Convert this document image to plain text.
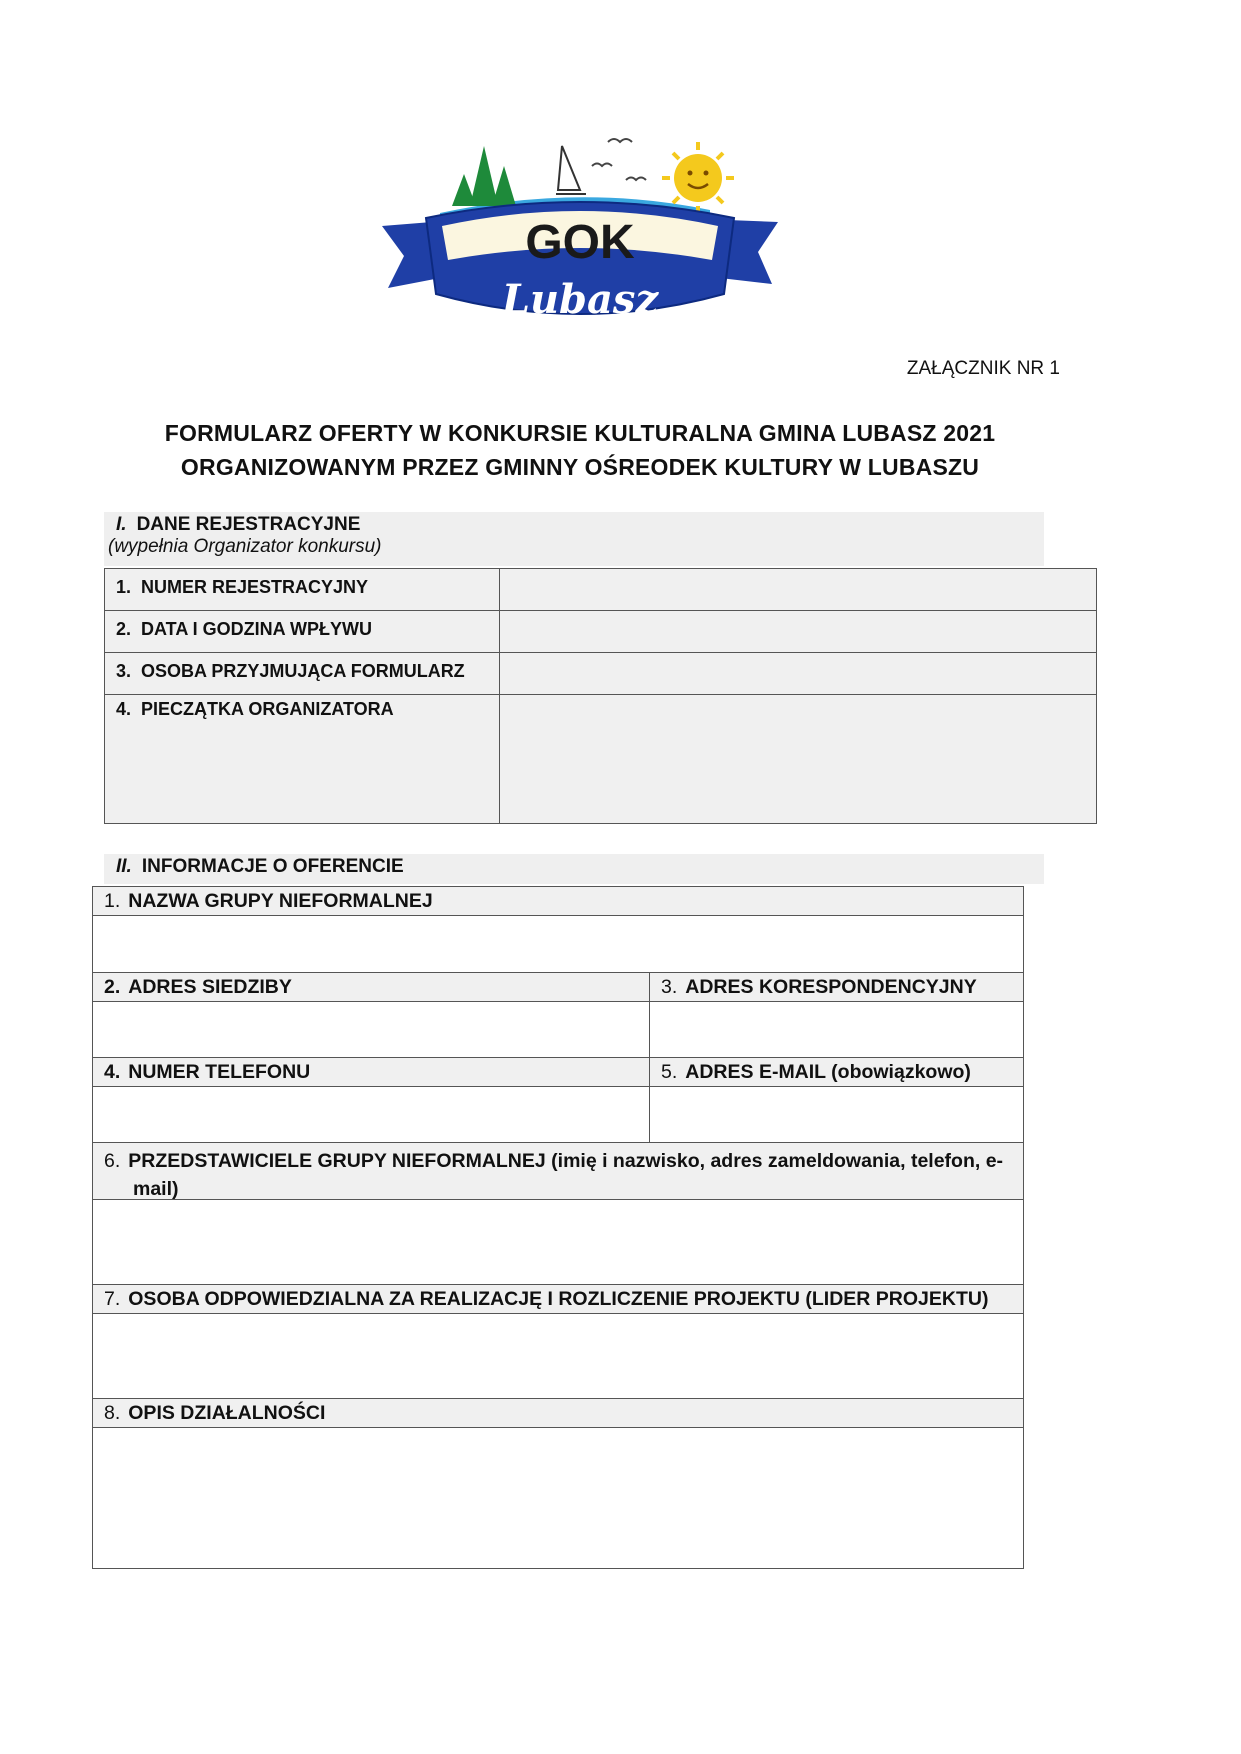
GOK
Lubasz
ZAŁĄCZNIK NR 1
FORMULARZ OFERTY W KONKURSIE KULTURALNA GMINA LUBASZ 2021
ORGANIZOWANYM PRZEZ GMINNY OŚREODEK KULTURY W LUBASZU
I. DANE REJESTRACYJNE
(wypełnia Organizator konkursu)
1. NUMER REJESTRACYJNY
2. DATA I GODZINA WPŁYWU
3. OSOBA PRZYJMUJĄCA FORMULARZ
4. PIECZĄTKA ORGANIZATORA
II. INFORMACJE O OFERENCIE
1. NAZWA GRUPY NIEFORMALNEJ
2. ADRES SIEDZIBY	3. ADRES KORESPONDENCYJNY
4. NUMER TELEFONU	5. ADRES E-MAIL (obowiązkowo)
6. PRZEDSTAWICIELE GRUPY NIEFORMALNEJ (imię i nazwisko, adres zameldowania, telefon, e-
mail)
7. OSOBA ODPOWIEDZIALNA ZA REALIZACJĘ I ROZLICZENIE PROJEKTU (LIDER PROJEKTU)
8. OPIS DZIAŁALNOŚCI
